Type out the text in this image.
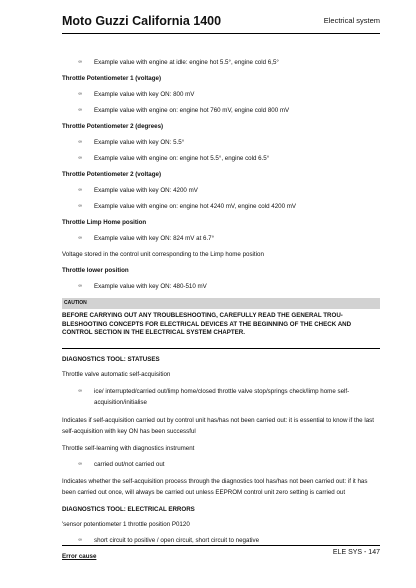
Moto Guzzi California 1400	Electrical system
∞	Example value with engine at idle: engine hot 5.5°, engine cold 6,5°
Throttle Potentiometer 1 (voltage)
∞	Example value with key ON: 800 mV
∞	Example value with engine on: engine hot 760 mV, engine cold 800 mV
Throttle Potentiometer 2 (degrees)
∞	Example value with key ON: 5.5°
∞	Example value with engine on: engine hot 5.5°, engine cold 6.5°
Throttle Potentiometer 2 (voltage)
∞	Example value with key ON: 4200 mV
∞	Example value with engine on: engine hot 4240 mV, engine cold 4200 mV
Throttle Limp Home position
∞	Example value with key ON: 824 mV at 6.7°
Voltage stored in the control unit corresponding to the Limp home position
Throttle lower position
∞	Example value with key ON: 480-510 mV
CAUTION
BEFORE CARRYING OUT ANY TROUBLESHOOTING, CAREFULLY READ THE GENERAL TROU-BLESHOOTING CONCEPTS FOR ELECTRICAL DEVICES AT THE BEGINNING OF THE CHECK AND CONTROL SECTION IN THE ELECTRICAL SYSTEM CHAPTER.
DIAGNOSTICS TOOL: STATUSES
Throttle valve automatic self-acquisition
∞	ice/ interrupted/carried out/limp home/closed throttle valve stop/springs check/limp home self-acquisition/initialise
Indicates if self-acquisition carried out by control unit has/has not been carried out: it is essential to know if the last self-acquisition with key ON has been successful
Throttle self-learning with diagnostics instrument
∞	carried out/not carried out
Indicates whether the self-acquisition process through the diagnostics tool has/has not been carried out: if it has been carried out once, will always be carried out unless EEPROM control unit zero setting is carried out
DIAGNOSTICS TOOL: ELECTRICAL ERRORS
'sensor potentiometer 1 throttle position P0120
∞	short circuit to positive / open circuit, short circuit to negative
Error cause	ELE SYS - 147
